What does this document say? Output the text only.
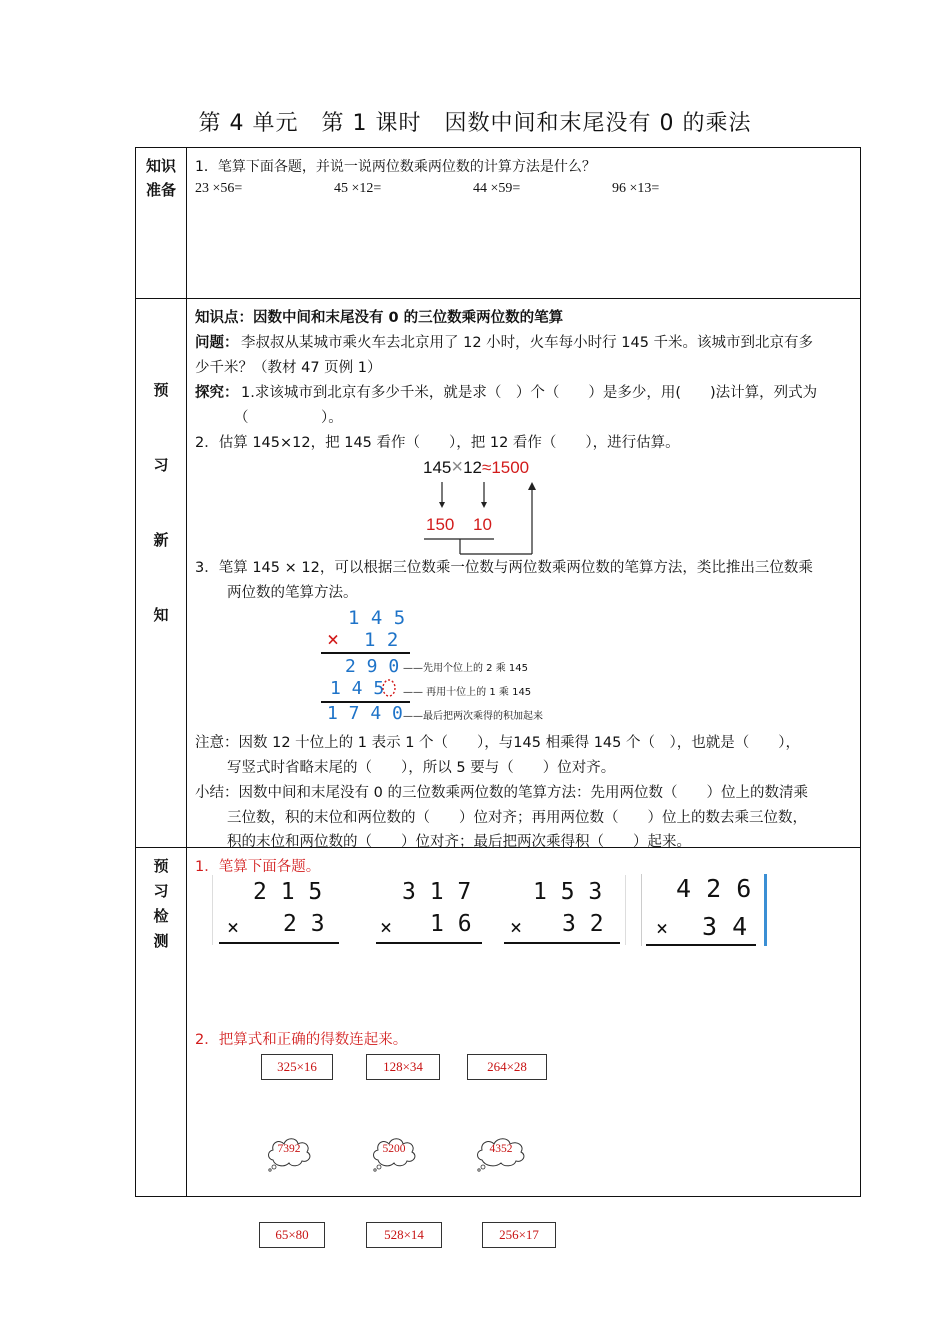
第 4 单元　第 1 课时　因数中间和末尾没有 0 的乘法
知识
准备
1．笔算下面各题，并说一说两位数乘两位数的计算方法是什么？
23 ×56=	45 ×12=	44 ×59=	96 ×13=
预
习
新
知
知识点：因数中间和末尾没有 0 的三位数乘两位数的笔算
问题： 李叔叔从某城市乘火车去北京用了 12 小时，火车每小时行 145 千米。该城市到北京有多
少千米？（教材 47 页例 1）
探究： 1.求该城市到北京有多少千米，就是求（　）个（　　）是多少，用(　　)法计算，列式为
（　　　　　）。
2．估算 145×12，把 145 看作（　　），把 12 看作（　　），进行估算。
145×12≈1500
150 10
3．笔算 145 × 12，可以根据三位数乘一位数与两位数乘两位数的笔算方法，类比推出三位数乘
两位数的笔算方法。
1 4 5
× 1 2
2 9 0
1 4 5
1 7 4 0
——先用个位上的 2 乘 145
—— 再用十位上的 1 乘 145
——最后把两次乘得的积加起来
注意：因数 12 十位上的 1 表示 1 个（　　），与145 相乘得 145 个（　），也就是（　　），
写竖式时省略末尾的（　　），所以 5 要与（　　）位对齐。
小结：因数中间和末尾没有 0 的三位数乘两位数的笔算方法：先用两位数（　　）位上的数清乘
三位数，积的末位和两位数的（　　）位对齐；再用两位数（　　）位上的数去乘三位数，
积的末位和两位数的（　　）位对齐；最后把两次乘得积（　　）起来。
预
习
检
测
1．笔算下面各题。
2 1 5
× 2 3
3 1 7
× 1 6
1 5 3
× 3 2
4 2 6
× 3 4
2．把算式和正确的得数连起来。
325×16	128×34	264×28
7392	5200	4352
65×80	528×14	256×17
